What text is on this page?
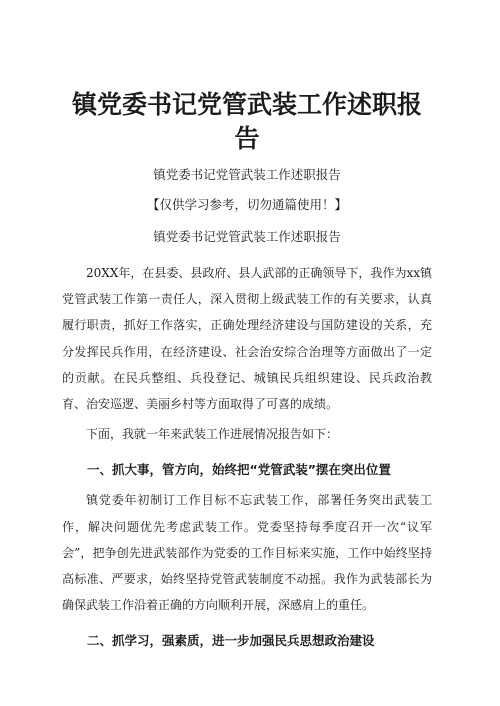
镇党委书记党管武装工作述职报告

镇党委书记党管武装工作述职报告

【仅供学习参考，切勿通篇使用！】

镇党委书记党管武装工作述职报告

20XX年，在县委、县政府、县人武部的正确领导下，我作为xx镇党管武装工作第一责任人，深入贯彻上级武装工作的有关要求，认真履行职责，抓好工作落实，正确处理经济建设与国防建设的关系，充分发挥民兵作用，在经济建设、社会治安综合治理等方面做出了一定的贡献。在民兵整组、兵役登记、城镇民兵组织建设、民兵政治教育、治安巡逻、美丽乡村等方面取得了可喜的成绩。

下面，我就一年来武装工作进展情况报告如下：

一、抓大事，管方向，始终把“党管武装”摆在突出位置

镇党委年初制订工作目标不忘武装工作，部署任务突出武装工作，解决问题优先考虑武装工作。党委坚持每季度召开一次“议军会”，把争创先进武装部作为党委的工作目标来实施，工作中始终坚持高标准、严要求，始终坚持党管武装制度不动摇。我作为武装部长为确保武装工作沿着正确的方向顺利开展，深感肩上的重任。

二、抓学习，强素质，进一步加强民兵思想政治建设
